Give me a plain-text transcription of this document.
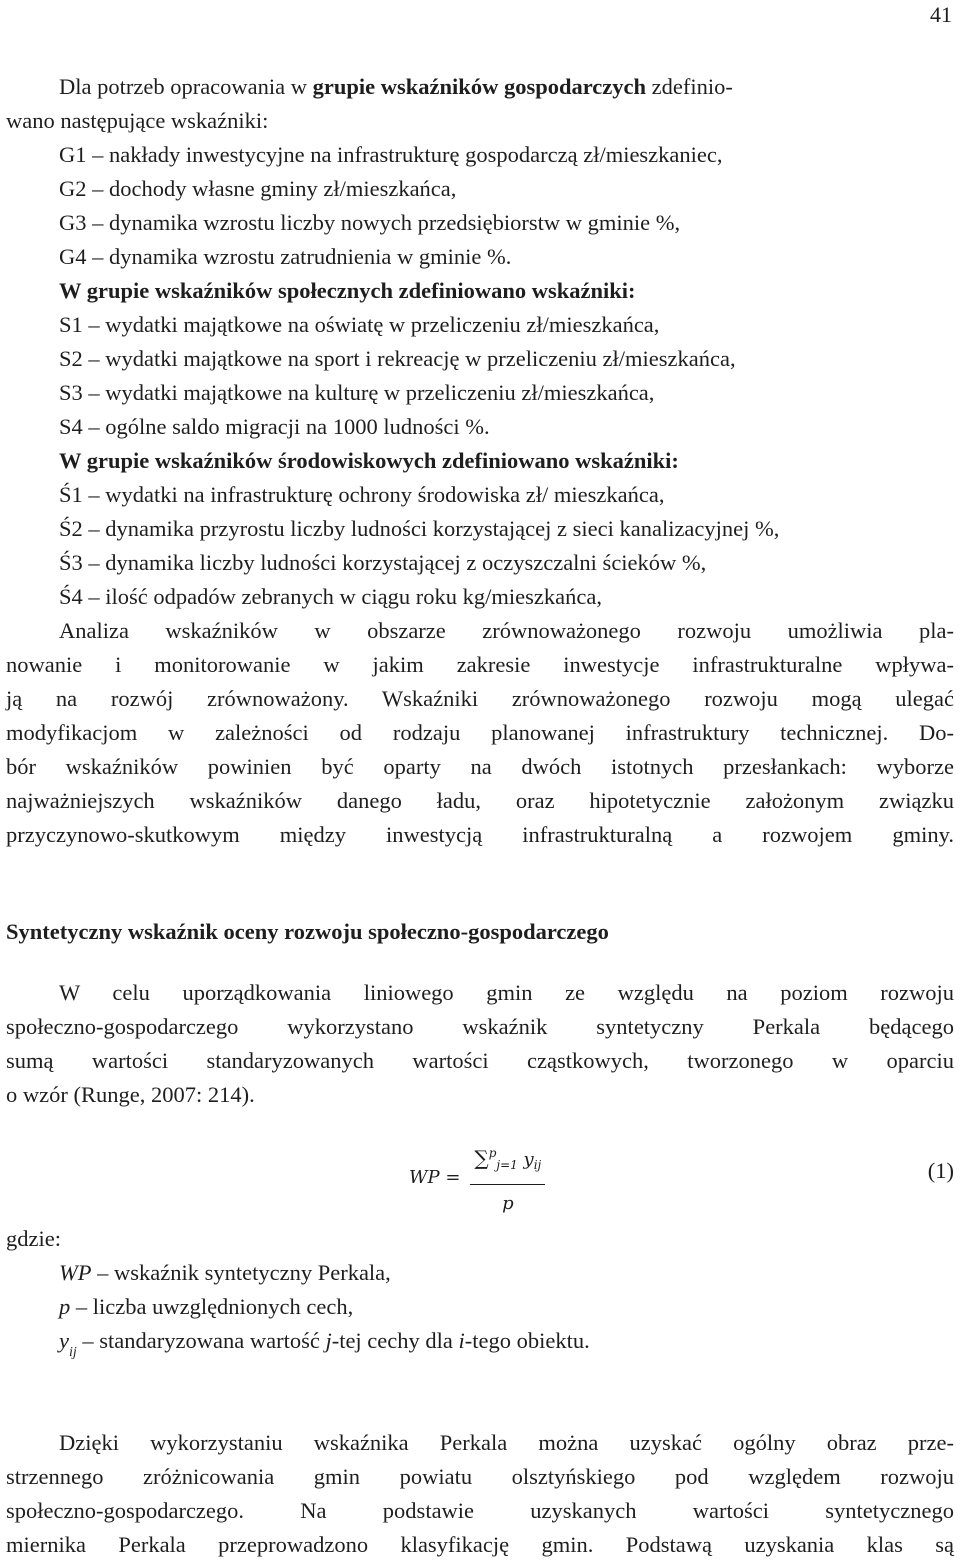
41

Dla potrzeb opracowania w grupie wskaźników gospodarczych zdefinio-

wano następujące wskaźniki:

G1 – nakłady inwestycyjne na infrastrukturę gospodarczą zł/mieszkaniec,

G2 – dochody własne gminy zł/mieszkańca,

G3 – dynamika wzrostu liczby nowych przedsiębiorstw w gminie %,

G4 – dynamika wzrostu zatrudnienia w gminie %.

W grupie wskaźników społecznych zdefiniowano wskaźniki:

S1 – wydatki majątkowe na oświatę w przeliczeniu zł/mieszkańca,

S2 – wydatki majątkowe na sport i rekreację w przeliczeniu zł/mieszkańca,

S3 – wydatki majątkowe na kulturę w przeliczeniu zł/mieszkańca,

S4 – ogólne saldo migracji na 1000 ludności %.

W grupie wskaźników środowiskowych zdefiniowano wskaźniki:

Ś1 – wydatki na infrastrukturę ochrony środowiska zł/ mieszkańca,

Ś2 – dynamika przyrostu liczby ludności korzystającej z sieci kanalizacyjnej %,

Ś3 – dynamika liczby ludności korzystającej z oczyszczalni ścieków %,

Ś4 – ilość odpadów zebranych w ciągu roku kg/mieszkańca,

Analiza wskaźników w obszarze zrównoważonego rozwoju umożliwia pla-

nowanie i monitorowanie w jakim zakresie inwestycje infrastrukturalne wpływa-

ją na rozwój zrównoważony. Wskaźniki zrównoważonego rozwoju mogą ulegać

modyfikacjom w zależności od rodzaju planowanej infrastruktury technicznej. Do-

bór wskaźników powinien być oparty na dwóch istotnych przesłankach: wyborze

najważniejszych wskaźników danego ładu, oraz hipotetycznie założonym związku

przyczynowo-skutkowym między inwestycją infrastrukturalną a rozwojem gminy.

Syntetyczny wskaźnik oceny rozwoju społeczno-gospodarczego

W celu uporządkowania liniowego gmin ze względu na poziom rozwoju

społeczno-gospodarczego wykorzystano wskaźnik syntetyczny Perkala będącego

sumą wartości standaryzowanych wartości cząstkowych, tworzonego w oparciu

o wzór (Runge, 2007: 214).

WP = $\frac{\sum^p_{j=1} y_{ij}}{p}$	(1)

gdzie:

WP – wskaźnik syntetyczny Perkala,

p – liczba uwzględnionych cech,

$y_{ij}$ – standaryzowana wartość j-tej cechy dla i-tego obiektu.

Dzięki wykorzystaniu wskaźnika Perkala można uzyskać ogólny obraz prze-

strzennego zróżnicowania gmin powiatu olsztyńskiego pod względem rozwoju

społeczno-gospodarczego. Na podstawie uzyskanych wartości syntetycznego

miernika Perkala przeprowadzono klasyfikację gmin. Podstawą uzyskania klas są
